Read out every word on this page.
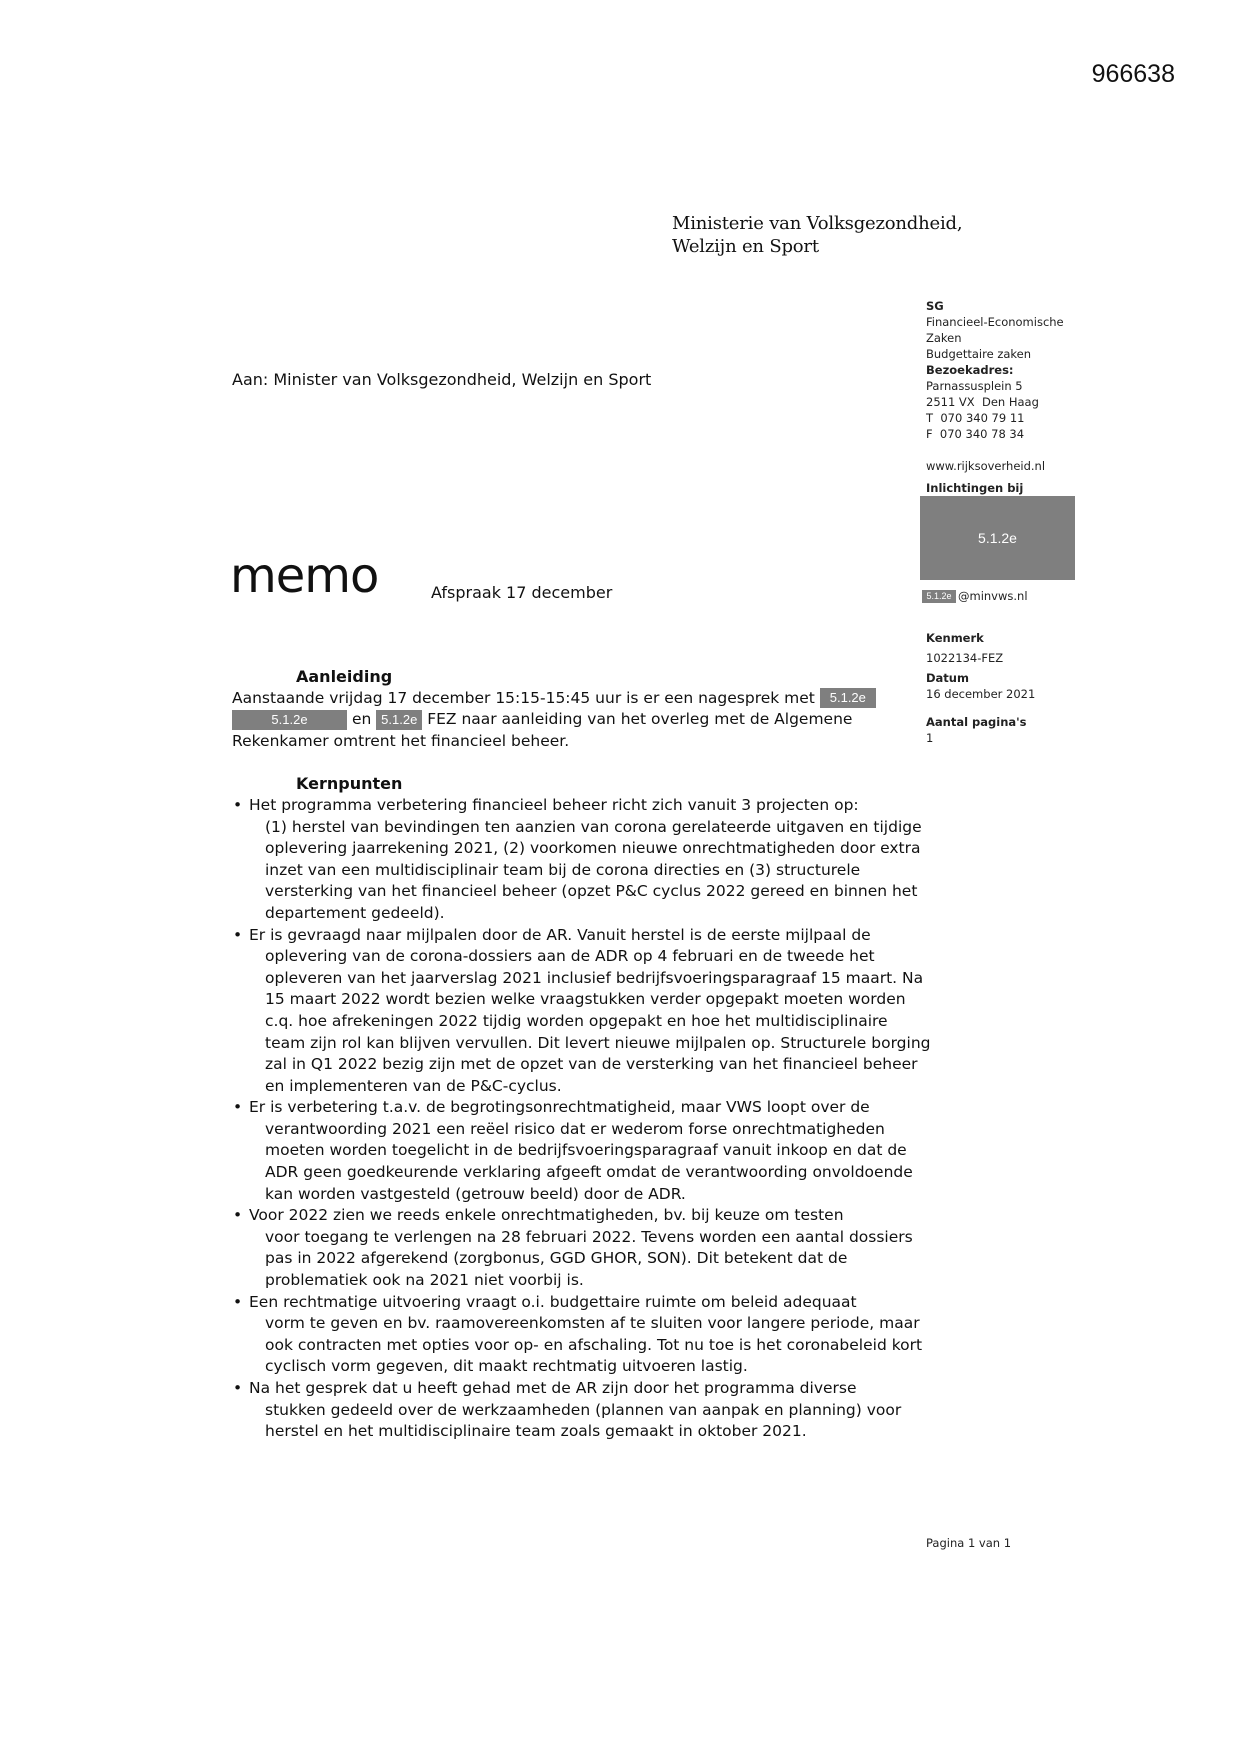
966638
Ministerie van Volksgezondheid,
Welzijn en Sport
SG
Financieel-Economische Zaken
Budgettaire zaken
Bezoekadres:
Parnassusplein 5
2511 VX  Den Haag
T  070 340 79 11
F  070 340 78 34
www.rijksoverheid.nl
Inlichtingen bij
5.1.2e
5.1.2e @minvws.nl
Kenmerk
1022134-FEZ
Datum
16 december 2021
Aantal pagina's
1
Aan: Minister van Volksgezondheid, Welzijn en Sport
memo	Afspraak 17 december
Aanleiding

Aanstaande vrijdag 17 december 15:15-15:45 uur is er een nagesprek met 5.1.2e
5.1.2e	en 5.1.2e FEZ naar aanleiding van het overleg met de Algemene
Rekenkamer omtrent het financieel beheer.

Kernpunten
• Het programma verbetering financieel beheer richt zich vanuit 3 projecten op:
(1) herstel van bevindingen ten aanzien van corona gerelateerde uitgaven en tijdige oplevering jaarrekening 2021, (2) voorkomen nieuwe onrechtmatigheden door extra inzet van een multidisciplinair team bij de corona directies en (3) structurele versterking van het financieel beheer (opzet P&C cyclus 2022 gereed en binnen het departement gedeeld).
• Er is gevraagd naar mijlpalen door de AR. Vanuit herstel is de eerste mijlpaal de
oplevering van de corona-dossiers aan de ADR op 4 februari en de tweede het opleveren van het jaarverslag 2021 inclusief bedrijfsvoeringsparagraaf 15 maart. Na 15 maart 2022 wordt bezien welke vraagstukken verder opgepakt moeten worden c.q. hoe afrekeningen 2022 tijdig worden opgepakt en hoe het multidisciplinaire team zijn rol kan blijven vervullen. Dit levert nieuwe mijlpalen op. Structurele borging zal in Q1 2022 bezig zijn met de opzet van de versterking van het financieel beheer en implementeren van de P&C-cyclus.
• Er is verbetering t.a.v. de begrotingsonrechtmatigheid, maar VWS loopt over de
verantwoording 2021 een reëel risico dat er wederom forse onrechtmatigheden moeten worden toegelicht in de bedrijfsvoeringsparagraaf vanuit inkoop en dat de ADR geen goedkeurende verklaring afgeeft omdat de verantwoording onvoldoende kan worden vastgesteld (getrouw beeld) door de ADR.
• Voor 2022 zien we reeds enkele onrechtmatigheden, bv. bij keuze om testen
voor toegang te verlengen na 28 februari 2022. Tevens worden een aantal dossiers pas in 2022 afgerekend (zorgbonus, GGD GHOR, SON). Dit betekent dat de problematiek ook na 2021 niet voorbij is.
• Een rechtmatige uitvoering vraagt o.i. budgettaire ruimte om beleid adequaat
vorm te geven en bv. raamovereenkomsten af te sluiten voor langere periode, maar ook contracten met opties voor op- en afschaling. Tot nu toe is het coronabeleid kort cyclisch vorm gegeven, dit maakt rechtmatig uitvoeren lastig.
• Na het gesprek dat u heeft gehad met de AR zijn door het programma diverse
stukken gedeeld over de werkzaamheden (plannen van aanpak en planning) voor herstel en het multidisciplinaire team zoals gemaakt in oktober 2021.
Pagina 1 van 1
